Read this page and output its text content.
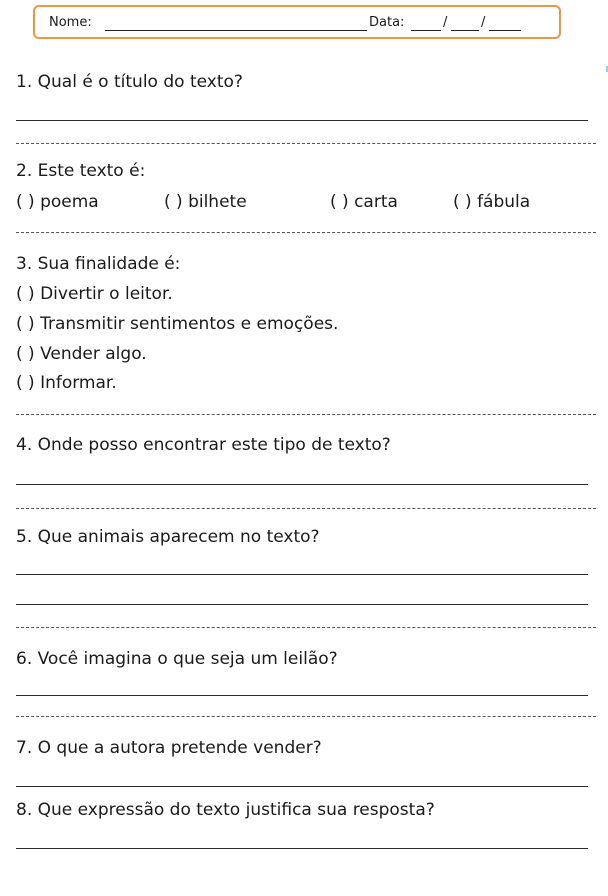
Nome:	Data:	/	/
1. Qual é o título do texto?
2. Este texto é:
( ) poema	( ) bilhete	( ) carta	( ) fábula
3. Sua finalidade é:
( ) Divertir o leitor.
( ) Transmitir sentimentos e emoções.
( ) Vender algo.
( ) Informar.
4. Onde posso encontrar este tipo de texto?
5. Que animais aparecem no texto?
6. Você imagina o que seja um leilão?
7. O que a autora pretende vender?
8. Que expressão do texto justifica sua resposta?
